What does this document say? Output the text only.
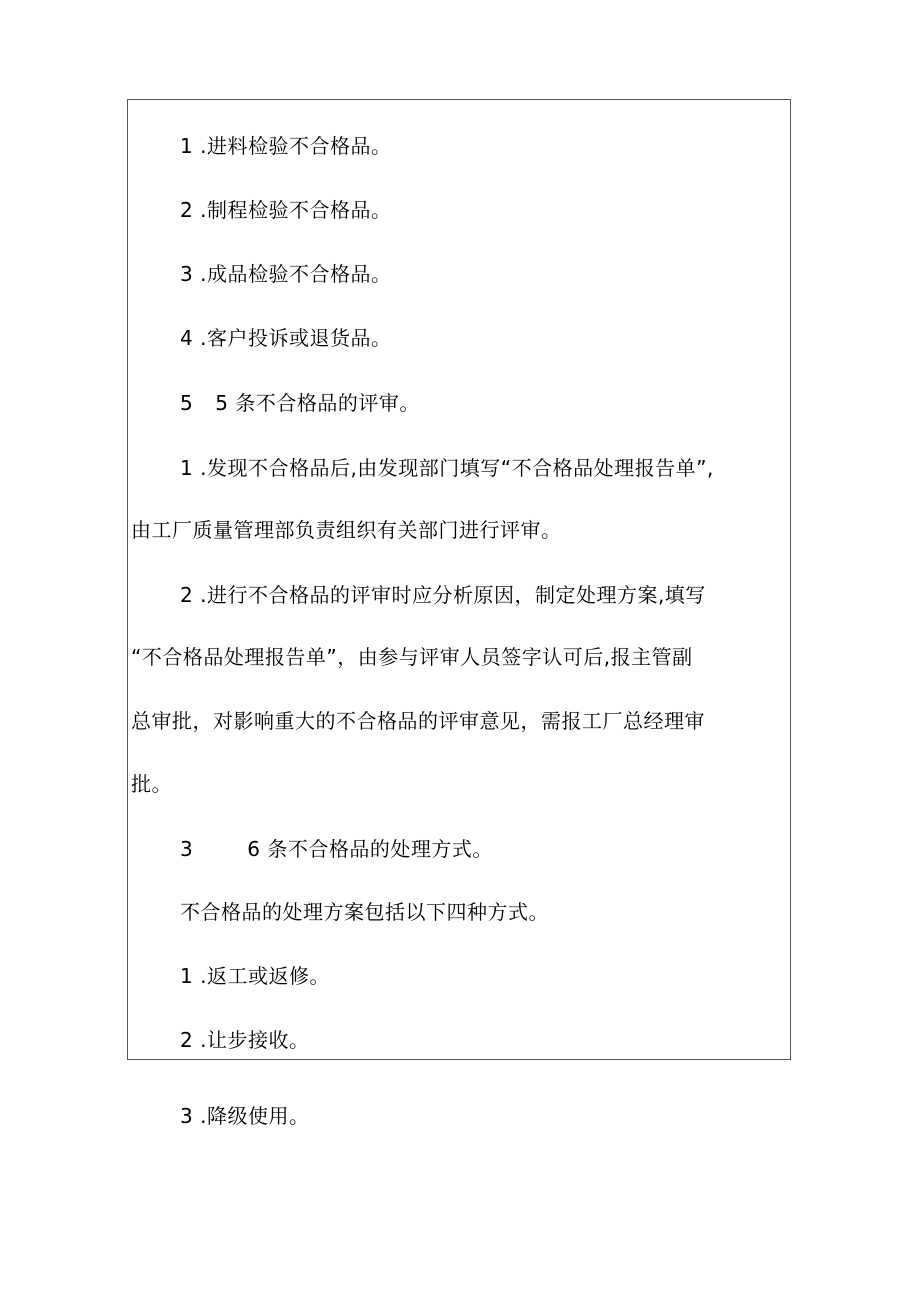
1 .进料检验不合格品。
2 .制程检验不合格品。
3 .成品检验不合格品。
4 .客户投诉或退货品。
5 5 条不合格品的评审。
1 .发现不合格品后,由发现部门填写“不合格品处理报告单”,
由工厂质量管理部负责组织有关部门进行评审。
2 .进行不合格品的评审时应分析原因，制定处理方案,填写
“不合格品处理报告单”，由参与评审人员签字认可后,报主管副
总审批，对影响重大的不合格品的评审意见，需报工厂总经理审
批。
3	6 条不合格品的处理方式。
不合格品的处理方案包括以下四种方式。
1 .返工或返修。
2 .让步接收。
3 .降级使用。
